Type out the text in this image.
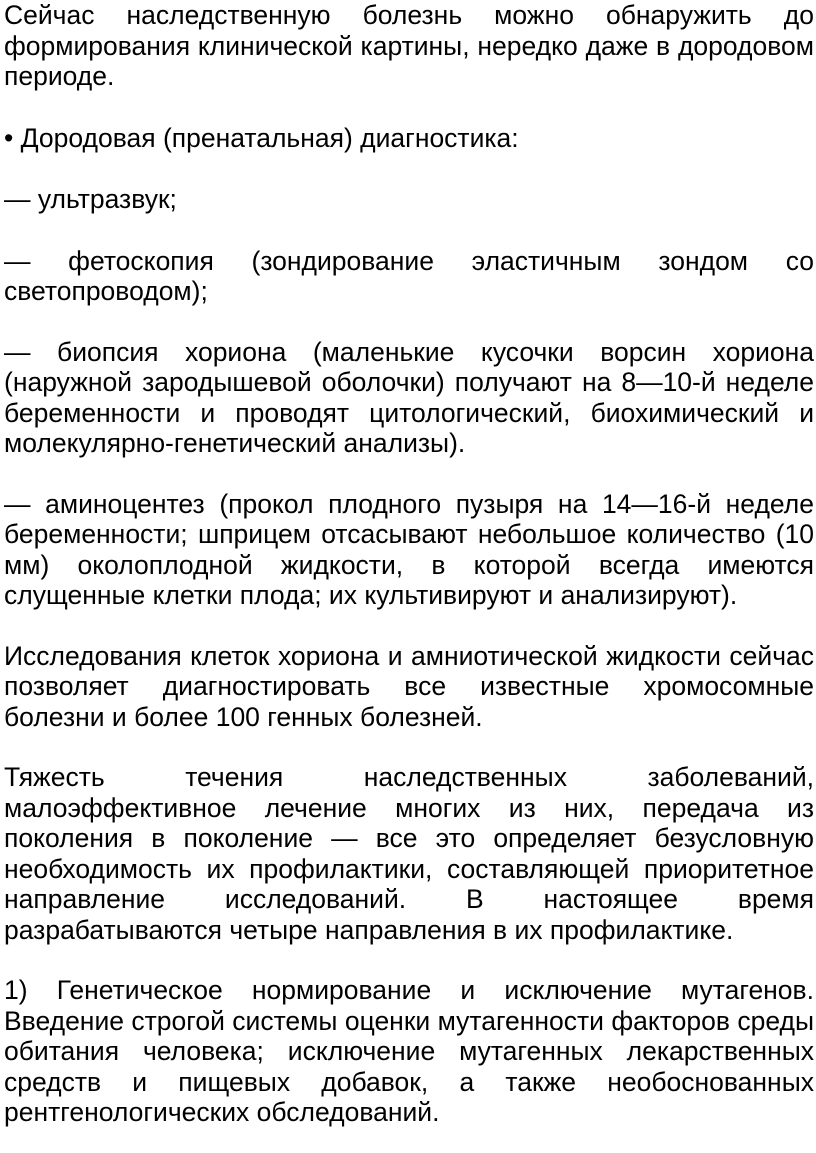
Сейчас наследственную болезнь можно обнаружить до формирования клинической картины, нередко даже в дородовом периоде.

• Дородовая (пренатальная) диагностика:

— ультразвук;

— фетоскопия (зондирование эластичным зондом со светопроводом);

— биопсия хориона (маленькие кусочки ворсин хориона (наружной зародышевой оболочки) получают на 8—10-й неделе беременности и проводят цитологический, биохимический и молекулярно-генетический анализы).

— аминоцентез (прокол плодного пузыря на 14—16-й неделе беременности; шприцем отсасывают небольшое количество (10 мм) околоплодной жидкости, в которой всегда имеются слущенные клетки плода; их культивируют и анализируют).

Исследования клеток хориона и амниотической жидкости сейчас позволяет диагностировать все известные хромосомные болезни и более 100 генных болезней.

Тяжесть течения наследственных заболеваний, малоэффективное лечение многих из них, передача из поколения в поколение — все это определяет безусловную необходимость их профилактики, составляющей приоритетное направление исследований. В настоящее время разрабатываются четыре направления в их профилактике.

1) Генетическое нормирование и исключение мутагенов. Введение строгой системы оценки мутагенности факторов среды обитания человека; исключение мутагенных лекарственных средств и пищевых добавок, а также необоснованных рентгенологических обследований.
